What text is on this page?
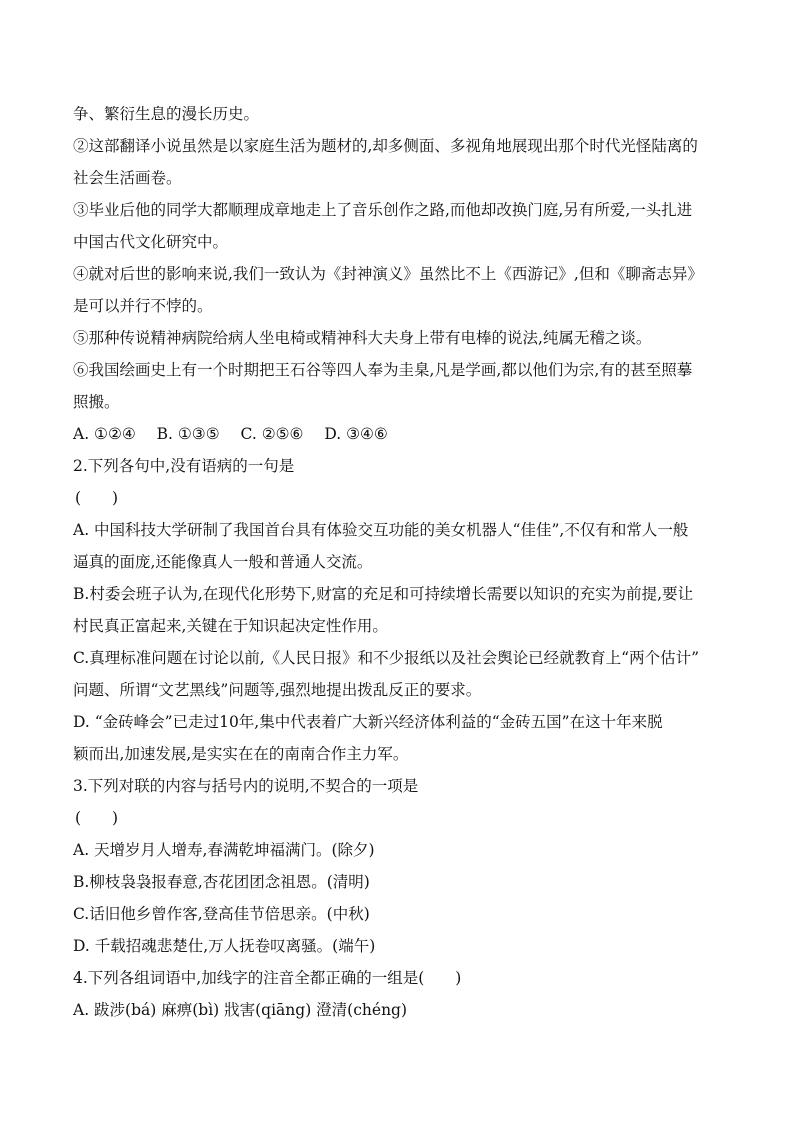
争、繁衍生息的漫长历史。
②这部翻译小说虽然是以家庭生活为题材的,却多侧面、多视角地展现出那个时代光怪陆离的
社会生活画卷。
③毕业后他的同学大都顺理成章地走上了音乐创作之路,而他却改换门庭,另有所爱,一头扎进
中国古代文化研究中。
④就对后世的影响来说,我们一致认为《封神演义》虽然比不上《西游记》,但和《聊斋志异》
是可以并行不悖的。
⑤那种传说精神病院给病人坐电椅或精神科大夫身上带有电棒的说法,纯属无稽之谈。
⑥我国绘画史上有一个时期把王石谷等四人奉为圭臬,凡是学画,都以他们为宗,有的甚至照摹
照搬。
A. ①②④ B. ①③⑤ C. ②⑤⑥ D. ③④⑥
2.下列各句中,没有语病的一句是
(　　)
A. 中国科技大学研制了我国首台具有体验交互功能的美女机器人“佳佳”,不仅有和常人一般
逼真的面庞,还能像真人一般和普通人交流。
B.村委会班子认为,在现代化形势下,财富的充足和可持续增长需要以知识的充实为前提,要让
村民真正富起来,关键在于知识起决定性作用。
C.真理标准问题在讨论以前,《人民日报》和不少报纸以及社会舆论已经就教育上“两个估计”
问题、所谓“文艺黑线”问题等,强烈地提出拨乱反正的要求。
D. “金砖峰会”已走过10年,集中代表着广大新兴经济体利益的“金砖五国”在这十年来脱
颖而出,加速发展,是实实在在的南南合作主力军。
3.下列对联的内容与括号内的说明,不契合的一项是
(　　)
A. 天增岁月人增寿,春满乾坤福满门。(除夕)
B.柳枝袅袅报春意,杏花团团念祖恩。(清明)
C.话旧他乡曾作客,登高佳节倍思亲。(中秋)
D. 千载招魂悲楚仕,万人抚卷叹离骚。(端午)
4.下列各组词语中,加线字的注音全都正确的一组是(　　)
A. 跋涉(bá) 麻痹(bì) 戕害(qiāng) 澄清(chéng)
